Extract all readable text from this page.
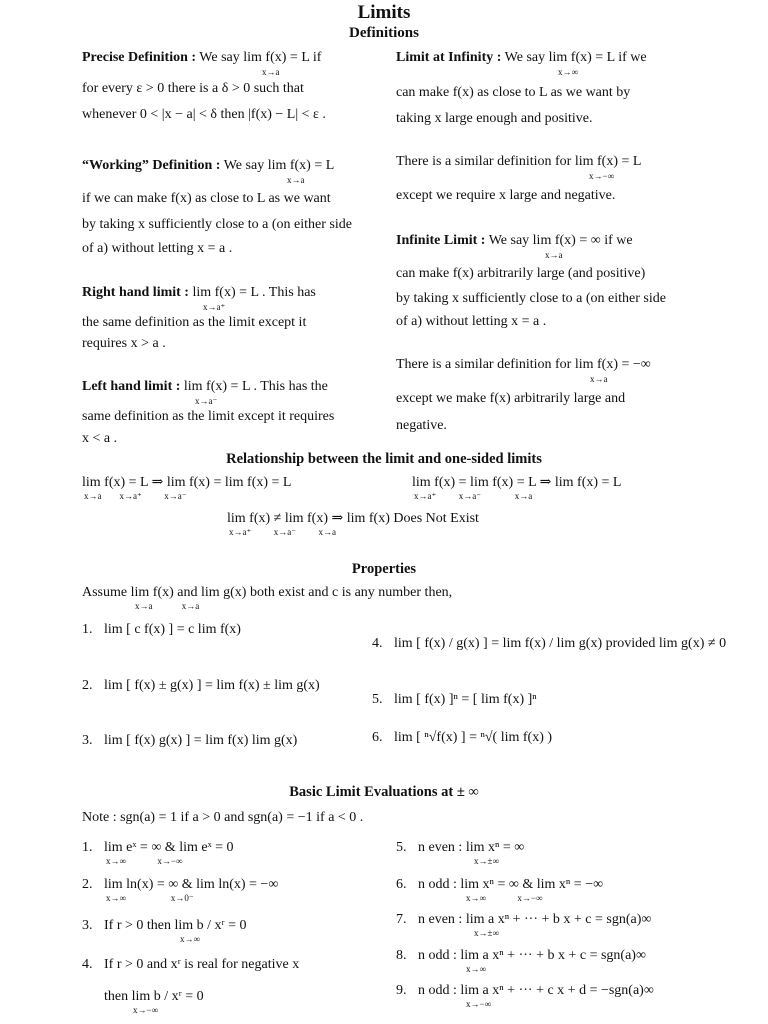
Limits
Definitions
Precise Definition : We say lim f(x) = L if
x→a
for every ε > 0 there is a δ > 0 such that
whenever 0 < |x − a| < δ then |f(x) − L| < ε .
“Working” Definition : We say lim f(x) = L
x→a
if we can make f(x) as close to L as we want
by taking x sufficiently close to a (on either side
of a) without letting x = a .
Right hand limit : lim f(x) = L . This has
x→a⁺
the same definition as the limit except it
requires x > a .
Left hand limit : lim f(x) = L . This has the
x→a⁻
same definition as the limit except it requires
x < a .
Limit at Infinity : We say lim f(x) = L if we
x→∞
can make f(x) as close to L as we want by
taking x large enough and positive.
There is a similar definition for lim f(x) = L
x→−∞
except we require x large and negative.
Infinite Limit : We say lim f(x) = ∞ if we
x→a
can make f(x) arbitrarily large (and positive)
by taking x sufficiently close to a (on either side
of a) without letting x = a .
There is a similar definition for lim f(x) = −∞
x→a
except we make f(x) arbitrarily large and
negative.
Relationship between the limit and one-sided limits
lim f(x) = L ⇒ lim f(x) = lim f(x) = L
x→a        x→a⁺          x→a⁻
lim f(x) = lim f(x) = L ⇒ lim f(x) = L
x→a⁺          x→a⁻               x→a
lim f(x) ≠ lim f(x) ⇒ lim f(x) Does Not Exist
x→a⁺          x→a⁻          x→a
Properties
Assume lim f(x) and lim g(x) both exist and c is any number then,
x→a             x→a
1. lim [ c f(x) ] = c lim f(x)
2. lim [ f(x) ± g(x) ] = lim f(x) ± lim g(x)
3. lim [ f(x) g(x) ] = lim f(x) lim g(x)
4. lim [ f(x) / g(x) ] = lim f(x) / lim g(x) provided lim g(x) ≠ 0
5. lim [ f(x) ]ⁿ = [ lim f(x) ]ⁿ
6. lim [ ⁿ√f(x) ] = ⁿ√( lim f(x) )
Basic Limit Evaluations at ± ∞
Note : sgn(a) = 1 if a > 0 and sgn(a) = −1 if a < 0 .
1. lim eˣ = ∞ & lim eˣ = 0
x→∞              x→−∞
2. lim ln(x) = ∞ & lim ln(x) = −∞
x→∞                    x→0⁻
3. If r > 0 then lim b / xʳ = 0
x→∞
4. If r > 0 and xʳ is real for negative x
then lim b / xʳ = 0
x→−∞
5. n even : lim xⁿ = ∞
x→±∞
6. n odd : lim xⁿ = ∞ & lim xⁿ = −∞
x→∞              x→−∞
7. n even : lim a xⁿ + ··· + b x + c = sgn(a)∞
x→±∞
8. n odd : lim a xⁿ + ··· + b x + c = sgn(a)∞
x→∞
9. n odd : lim a xⁿ + ··· + c x + d = −sgn(a)∞
x→−∞
